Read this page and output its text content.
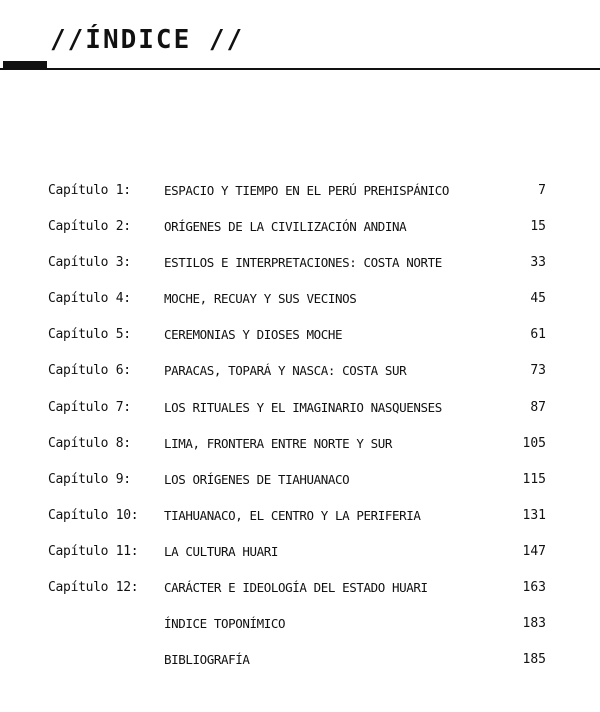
//ÍNDICE //
Capítulo 1:	ESPACIO Y TIEMPO EN EL PERÚ PREHISPÁNICO	7
Capítulo 2:	ORÍGENES DE LA CIVILIZACIÓN ANDINA	15
Capítulo 3:	ESTILOS E INTERPRETACIONES: COSTA NORTE	33
Capítulo 4:	MOCHE, RECUAY Y SUS VECINOS	45
Capítulo 5:	CEREMONIAS Y DIOSES MOCHE	61
Capítulo 6:	PARACAS, TOPARÁ Y NASCA: COSTA SUR	73
Capítulo 7:	LOS RITUALES Y EL IMAGINARIO NASQUENSES	87
Capítulo 8:	LIMA, FRONTERA ENTRE NORTE Y SUR	105
Capítulo 9:	LOS ORÍGENES DE TIAHUANACO	115
Capítulo 10: TIAHUANACO, EL CENTRO Y LA PERIFERIA	131
Capítulo 11: LA CULTURA HUARI	147
Capítulo 12: CARÁCTER E IDEOLOGÍA DEL ESTADO HUARI	163
ÍNDICE TOPONÍMICO	183
BIBLIOGRAFÍA	185
